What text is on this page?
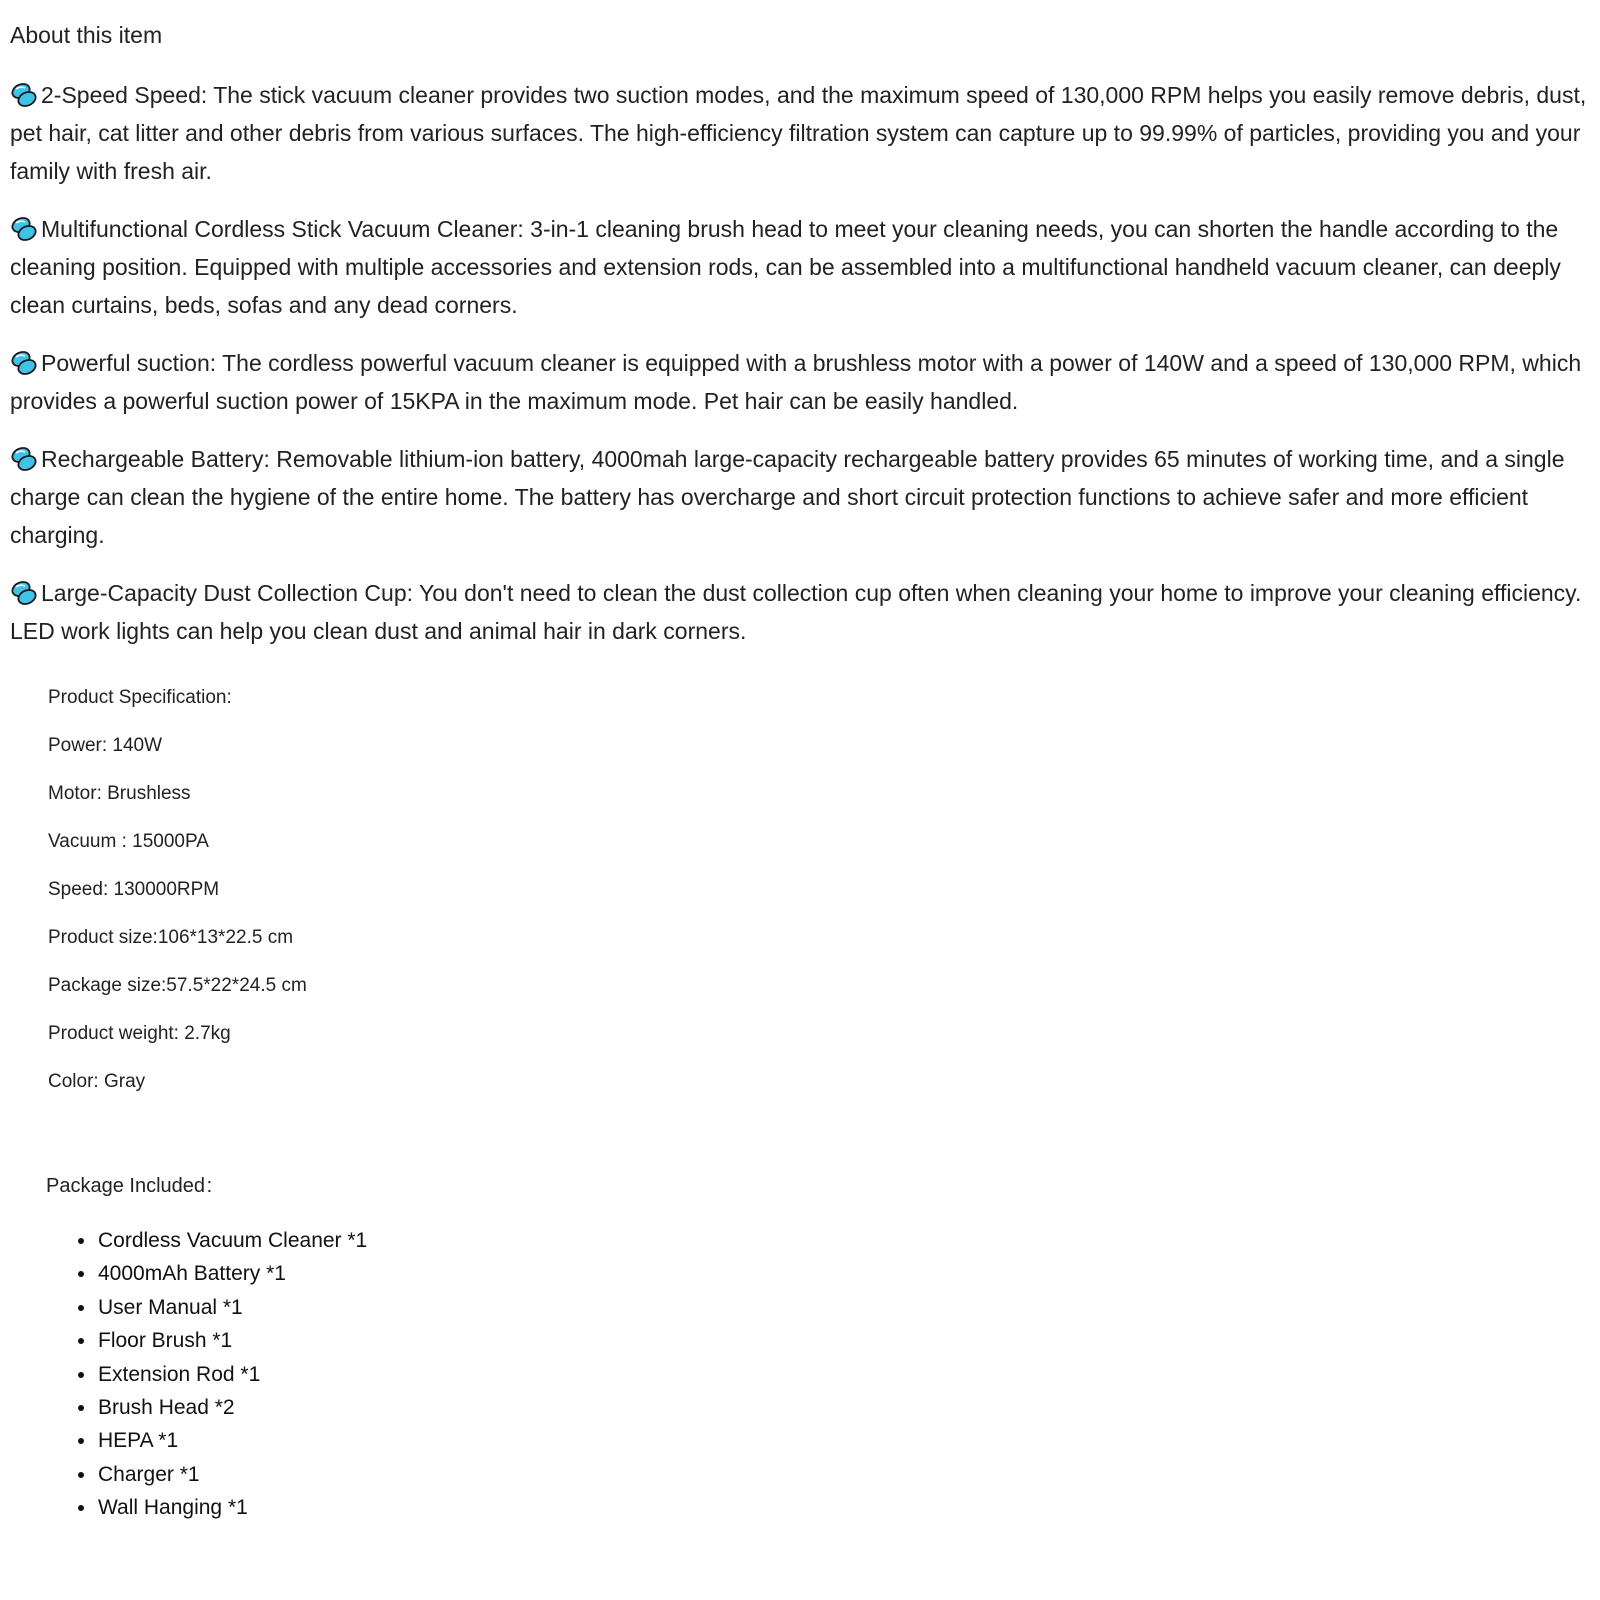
About this item
2-Speed Speed: The stick vacuum cleaner provides two suction modes, and the maximum speed of 130,000 RPM helps you easily remove debris, dust, pet hair, cat litter and other debris from various surfaces. The high-efficiency filtration system can capture up to 99.99% of particles, providing you and your family with fresh air.
Multifunctional Cordless Stick Vacuum Cleaner: 3-in-1 cleaning brush head to meet your cleaning needs, you can shorten the handle according to the cleaning position. Equipped with multiple accessories and extension rods, can be assembled into a multifunctional handheld vacuum cleaner, can deeply clean curtains, beds, sofas and any dead corners.
Powerful suction: The cordless powerful vacuum cleaner is equipped with a brushless motor with a power of 140W and a speed of 130,000 RPM, which provides a powerful suction power of 15KPA in the maximum mode. Pet hair can be easily handled.
Rechargeable Battery: Removable lithium-ion battery, 4000mah large-capacity rechargeable battery provides 65 minutes of working time, and a single charge can clean the hygiene of the entire home. The battery has overcharge and short circuit protection functions to achieve safer and more efficient charging.
Large-Capacity Dust Collection Cup: You don't need to clean the dust collection cup often when cleaning your home to improve your cleaning efficiency. LED work lights can help you clean dust and animal hair in dark corners.

Product Specification:

Power: 140W

Motor: Brushless

Vacuum : 15000PA

Speed: 130000RPM

Product size:106*13*22.5 cm

Package size:57.5*22*24.5 cm

Product weight: 2.7kg

Color: Gray

Package Included :

Cordless Vacuum Cleaner *1
4000mAh Battery *1
User Manual *1
Floor Brush *1
Extension Rod *1
Brush Head *2
HEPA *1
Charger *1
Wall Hanging *1
